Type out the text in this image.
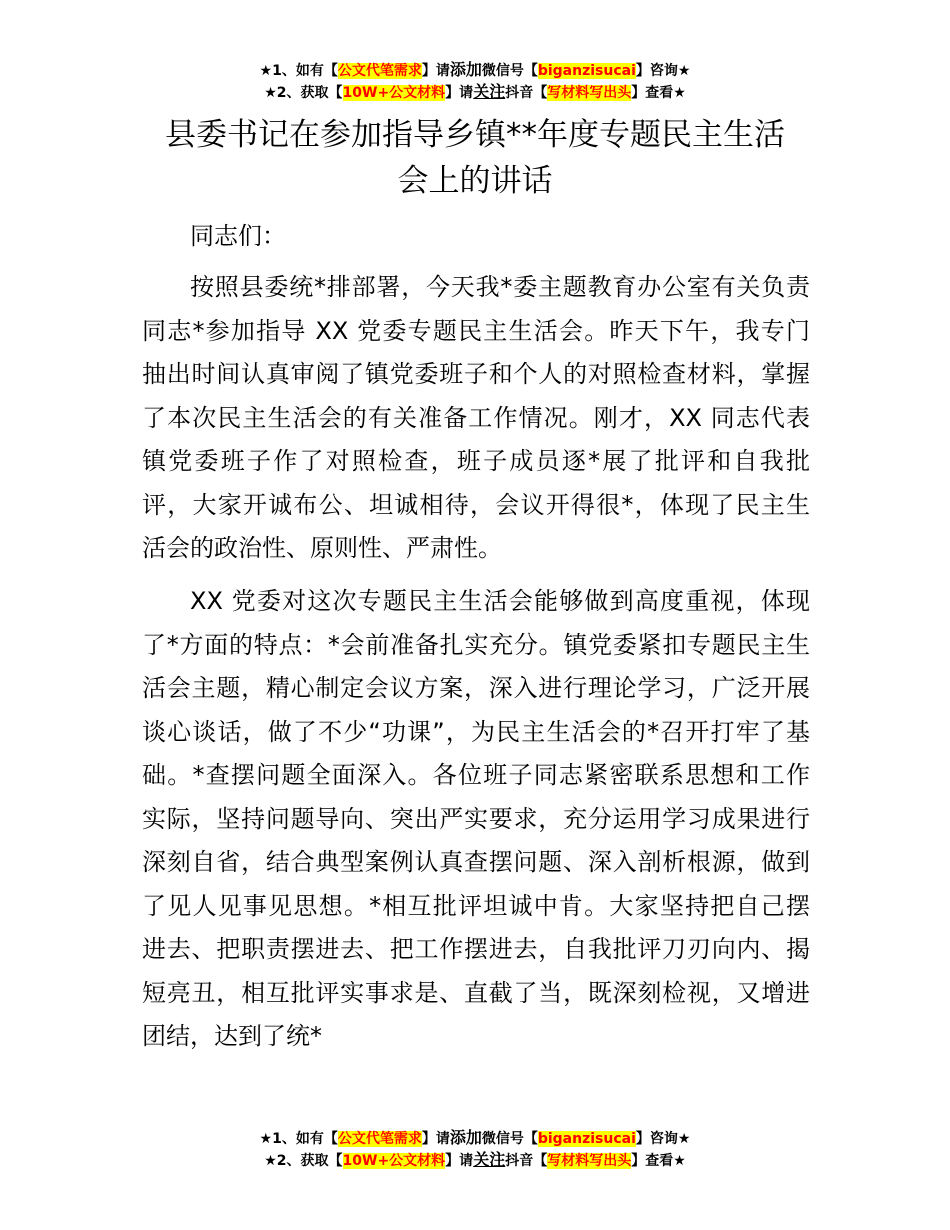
★1、如有【公文代笔需求】请添加微信号【biganzisucai】咨询★
★2、获取【10W+公文材料】请关注抖音【写材料写出头】查看★
县委书记在参加指导乡镇**年度专题民主生活
会上的讲话
同志们：
按照县委统*排部署，今天我*委主题教育办公室有关负责
同志*参加指导 XX 党委专题民主生活会。昨天下午，我专门
抽出时间认真审阅了镇党委班子和个人的对照检查材料，掌握
了本次民主生活会的有关准备工作情况。刚才，XX 同志代表
镇党委班子作了对照检查，班子成员逐*展了批评和自我批
评，大家开诚布公、坦诚相待，会议开得很*，体现了民主生
活会的政治性、原则性、严肃性。
XX 党委对这次专题民主生活会能够做到高度重视，体现
了*方面的特点：*会前准备扎实充分。镇党委紧扣专题民主生
活会主题，精心制定会议方案，深入进行理论学习，广泛开展
谈心谈话，做了不少“功课”，为民主生活会的*召开打牢了基
础。*查摆问题全面深入。各位班子同志紧密联系思想和工作
实际，坚持问题导向、突出严实要求，充分运用学习成果进行
深刻自省，结合典型案例认真查摆问题、深入剖析根源，做到
了见人见事见思想。*相互批评坦诚中肯。大家坚持把自己摆
进去、把职责摆进去、把工作摆进去，自我批评刀刃向内、揭
短亮丑，相互批评实事求是、直截了当，既深刻检视，又增进
团结，达到了统*
★1、如有【公文代笔需求】请添加微信号【biganzisucai】咨询★
★2、获取【10W+公文材料】请关注抖音【写材料写出头】查看★
